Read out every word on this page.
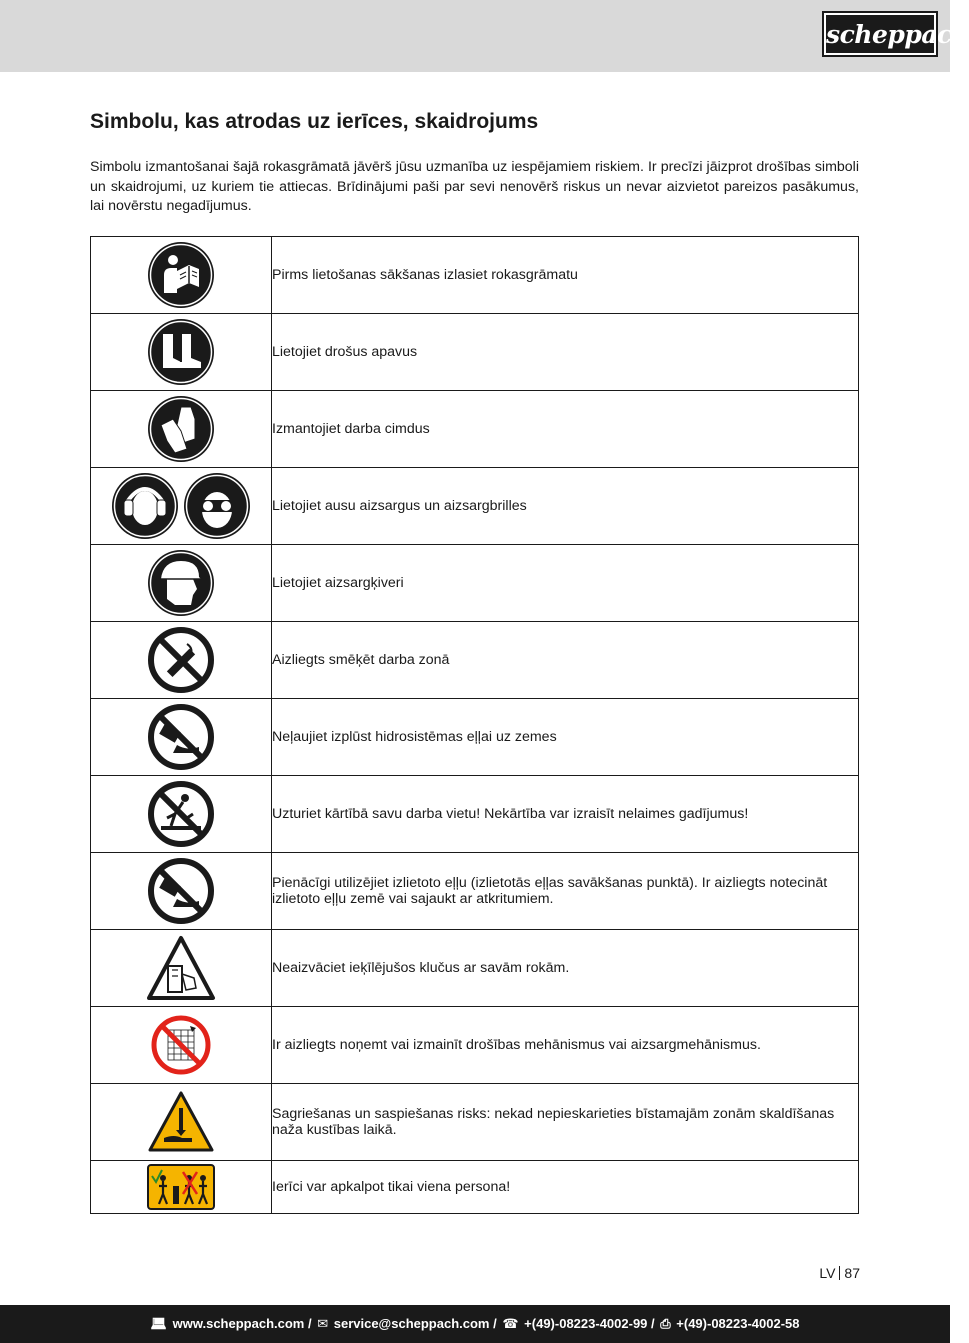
scheppach
Simbolu, kas atrodas uz ierīces, skaidrojums

Simbolu izmantošanai šajā rokasgrāmatā jāvērš jūsu uzmanība uz iespējamiem riskiem. Ir precīzi jāizprot drošības simboli un skaidrojumi, uz kuriem tie attiecas. Brīdinājumi paši par sevi nenovērš riskus un nevar aizvietot pareizos pasākumus, lai novērstu negadījumus.

	Pirms lietošanas sākšanas izlasiet rokasgrāmatu

	Lietojiet drošus apavus

	Izmantojiet darba cimdus

	Lietojiet ausu aizsargus un aizsargbrilles

	Lietojiet aizsargķiveri

	Aizliegts smēķēt darba zonā

	Neļaujiet izplūst hidrosistēmas eļļai uz zemes

	Uzturiet kārtībā savu darba vietu! Nekārtība var izraisīt nelaimes gadījumus!

	Pienācīgi utilizējiet izlietoto eļļu (izlietotās eļļas savākšanas punktā). Ir aizliegts notecināt izlietoto eļļu zemē vai sajaukt ar atkritumiem.

	Neaizvāciet ieķīlējušos klučus ar savām rokām.

	Ir aizliegts noņemt vai izmainīt drošības mehānismus vai aizsargmehānismus.

	Sagriešanas un saspiešanas risks: nekad nepieskarieties bīstamajām zonām skaldīšanas naža kustības laikā.

	Ierīci var apkalpot tikai viena persona!
LV 87
💻︎ www.scheppach.com / ✉ service@scheppach.com / ☎ +(49)-08223-4002-99 / ⎙ +(49)-08223-4002-58
